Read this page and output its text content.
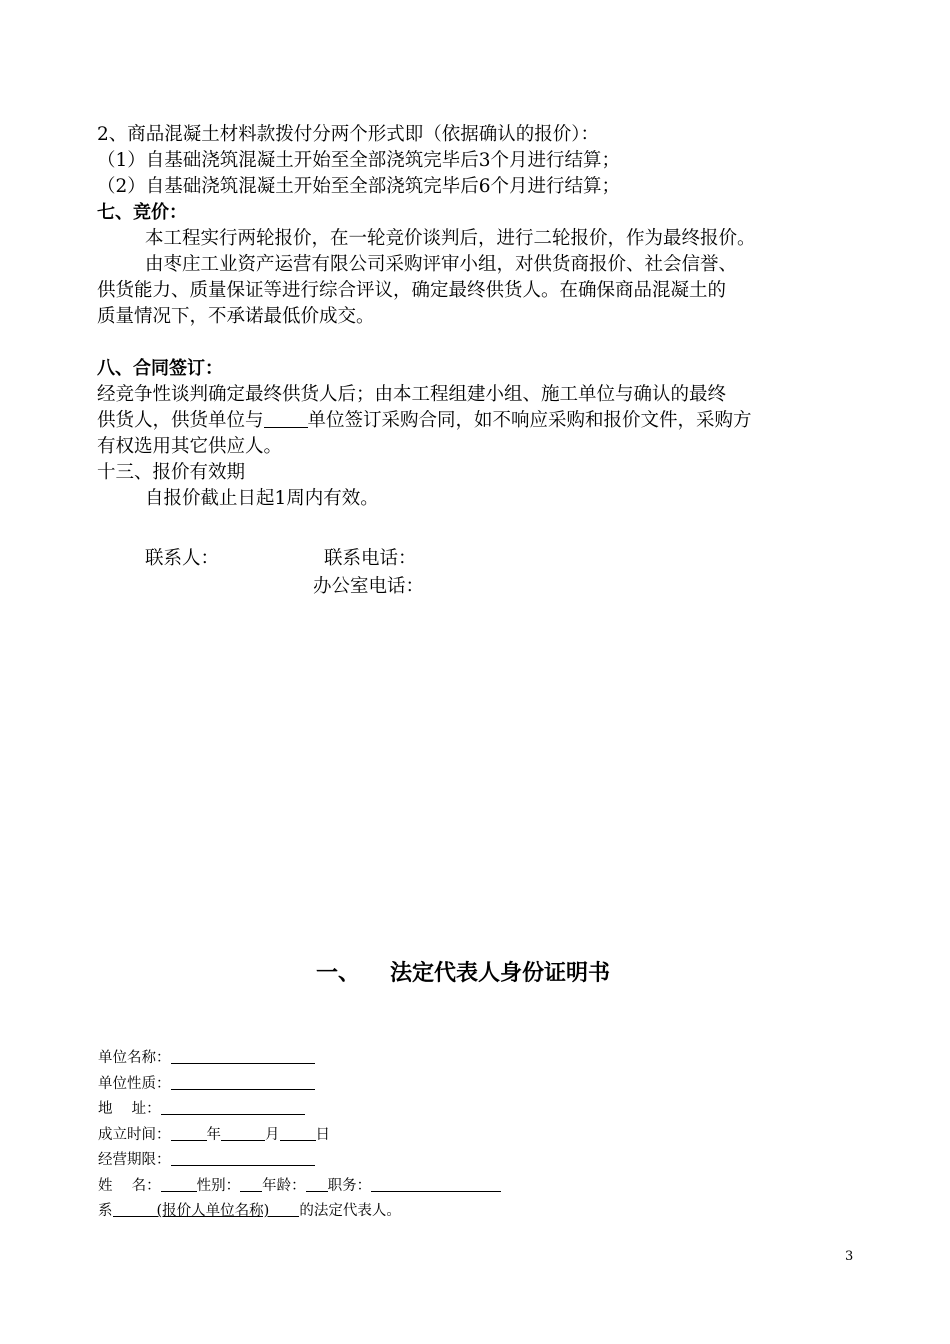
2、商品混凝土材料款拨付分两个形式即（依据确认的报价）：

（1）自基础浇筑混凝土开始至全部浇筑完毕后3个月进行结算；

（2）自基础浇筑混凝土开始至全部浇筑完毕后6个月进行结算；

七、竞价：

本工程实行两轮报价，在一轮竞价谈判后，进行二轮报价，作为最终报价。

由枣庄工业资产运营有限公司采购评审小组，对供货商报价、社会信誉、

供货能力、质量保证等进行综合评议，确定最终供货人。在确保商品混凝土的

质量情况下，不承诺最低价成交。

八、合同签订：

经竞争性谈判确定最终供货人后；由本工程组建小组、施工单位与确认的最终

供货人，供货单位与 单位签订采购合同，如不响应采购和报价文件，采购方

有权选用其它供应人。

十三、报价有效期

自报价截止日起1周内有效。

联系人：	联系电话：
办公室电话：
一、 法定代表人身份证明书

单位名称：

单位性质：

地　 址：

成立时间： 年	月 日

经营期限：

姓　 名： 性别： 年龄： 职务：

系	(报价人单位名称) 的法定代表人。

3
